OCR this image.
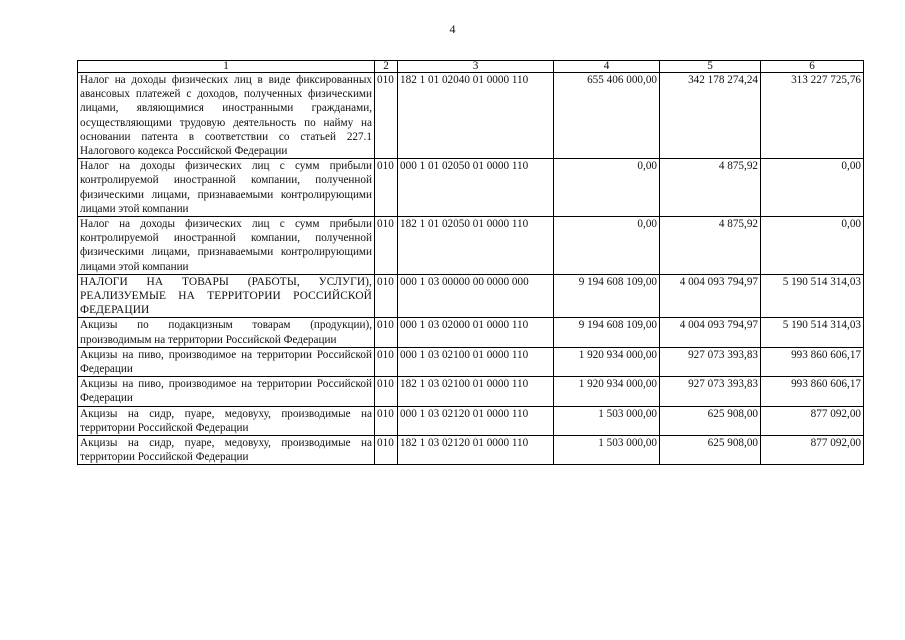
4
1	2	3	4	5	6
Налог на доходы физических лиц в виде фиксированных авансовых платежей с доходов, полученных физическими лицами, являющимися иностранными гражданами, осуществляющими трудовую деятельность по найму на основании патента в соответствии со статьей 227.1 Налогового кодекса Российской Федерации	010	182 1 01 02040 01 0000 110	655 406 000,00	342 178 274,24	313 227 725,76
Налог на доходы физических лиц с сумм прибыли контролируемой иностранной компании, полученной физическими лицами, признаваемыми контролирующими лицами этой компании	010	000 1 01 02050 01 0000 110	0,00	4 875,92	0,00
Налог на доходы физических лиц с сумм прибыли контролируемой иностранной компании, полученной физическими лицами, признаваемыми контролирующими лицами этой компании	010	182 1 01 02050 01 0000 110	0,00	4 875,92	0,00
НАЛОГИ НА ТОВАРЫ (РАБОТЫ, УСЛУГИ), РЕАЛИЗУЕМЫЕ НА ТЕРРИТОРИИ РОССИЙСКОЙ ФЕДЕРАЦИИ	010	000 1 03 00000 00 0000 000	9 194 608 109,00	4 004 093 794,97	5 190 514 314,03
Акцизы по подакцизным товарам (продукции), производимым на территории Российской Федерации	010	000 1 03 02000 01 0000 110	9 194 608 109,00	4 004 093 794,97	5 190 514 314,03
Акцизы на пиво, производимое на территории Российской Федерации	010	000 1 03 02100 01 0000 110	1 920 934 000,00	927 073 393,83	993 860 606,17
Акцизы на пиво, производимое на территории Российской Федерации	010	182 1 03 02100 01 0000 110	1 920 934 000,00	927 073 393,83	993 860 606,17
Акцизы на сидр, пуаре, медовуху, производимые на территории Российской Федерации	010	000 1 03 02120 01 0000 110	1 503 000,00	625 908,00	877 092,00
Акцизы на сидр, пуаре, медовуху, производимые на территории Российской Федерации	010	182 1 03 02120 01 0000 110	1 503 000,00	625 908,00	877 092,00
